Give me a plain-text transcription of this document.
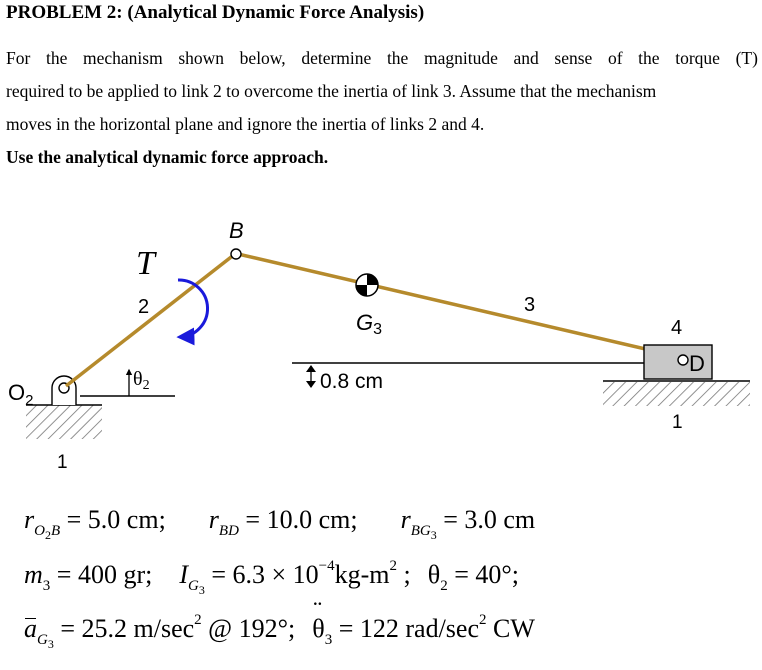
PROBLEM 2: (Analytical Dynamic Force Analysis)
For the mechanism shown below, determine the magnitude and sense of the torque (T)
required to be applied to link 2 to overcome the inertia of link 3. Assume that the mechanism
moves in the horizontal plane and ignore the inertia of links 2 and 4.
Use the analytical dynamic force approach.
B
T
2
G3
3
4
D
$O_2$
$\theta_2$	0.8 cm
1
1
$r_{O_2B} = 5.0$ cm; $r_{BD} = 10.0$ cm; $r_{BG_3} = 3.0$ cm
$m_3 = 400$ gr; $I_{G_3} = 6.3 \times 10^{-4}kg-m^2$ ; $\theta_2 = 40^\circ$;
$a_{G_3} = 25.2$ $m/\sec^2$ @ 192°;  ¨ $\theta_3 = 122$ rad/$\sec^2$ CW
